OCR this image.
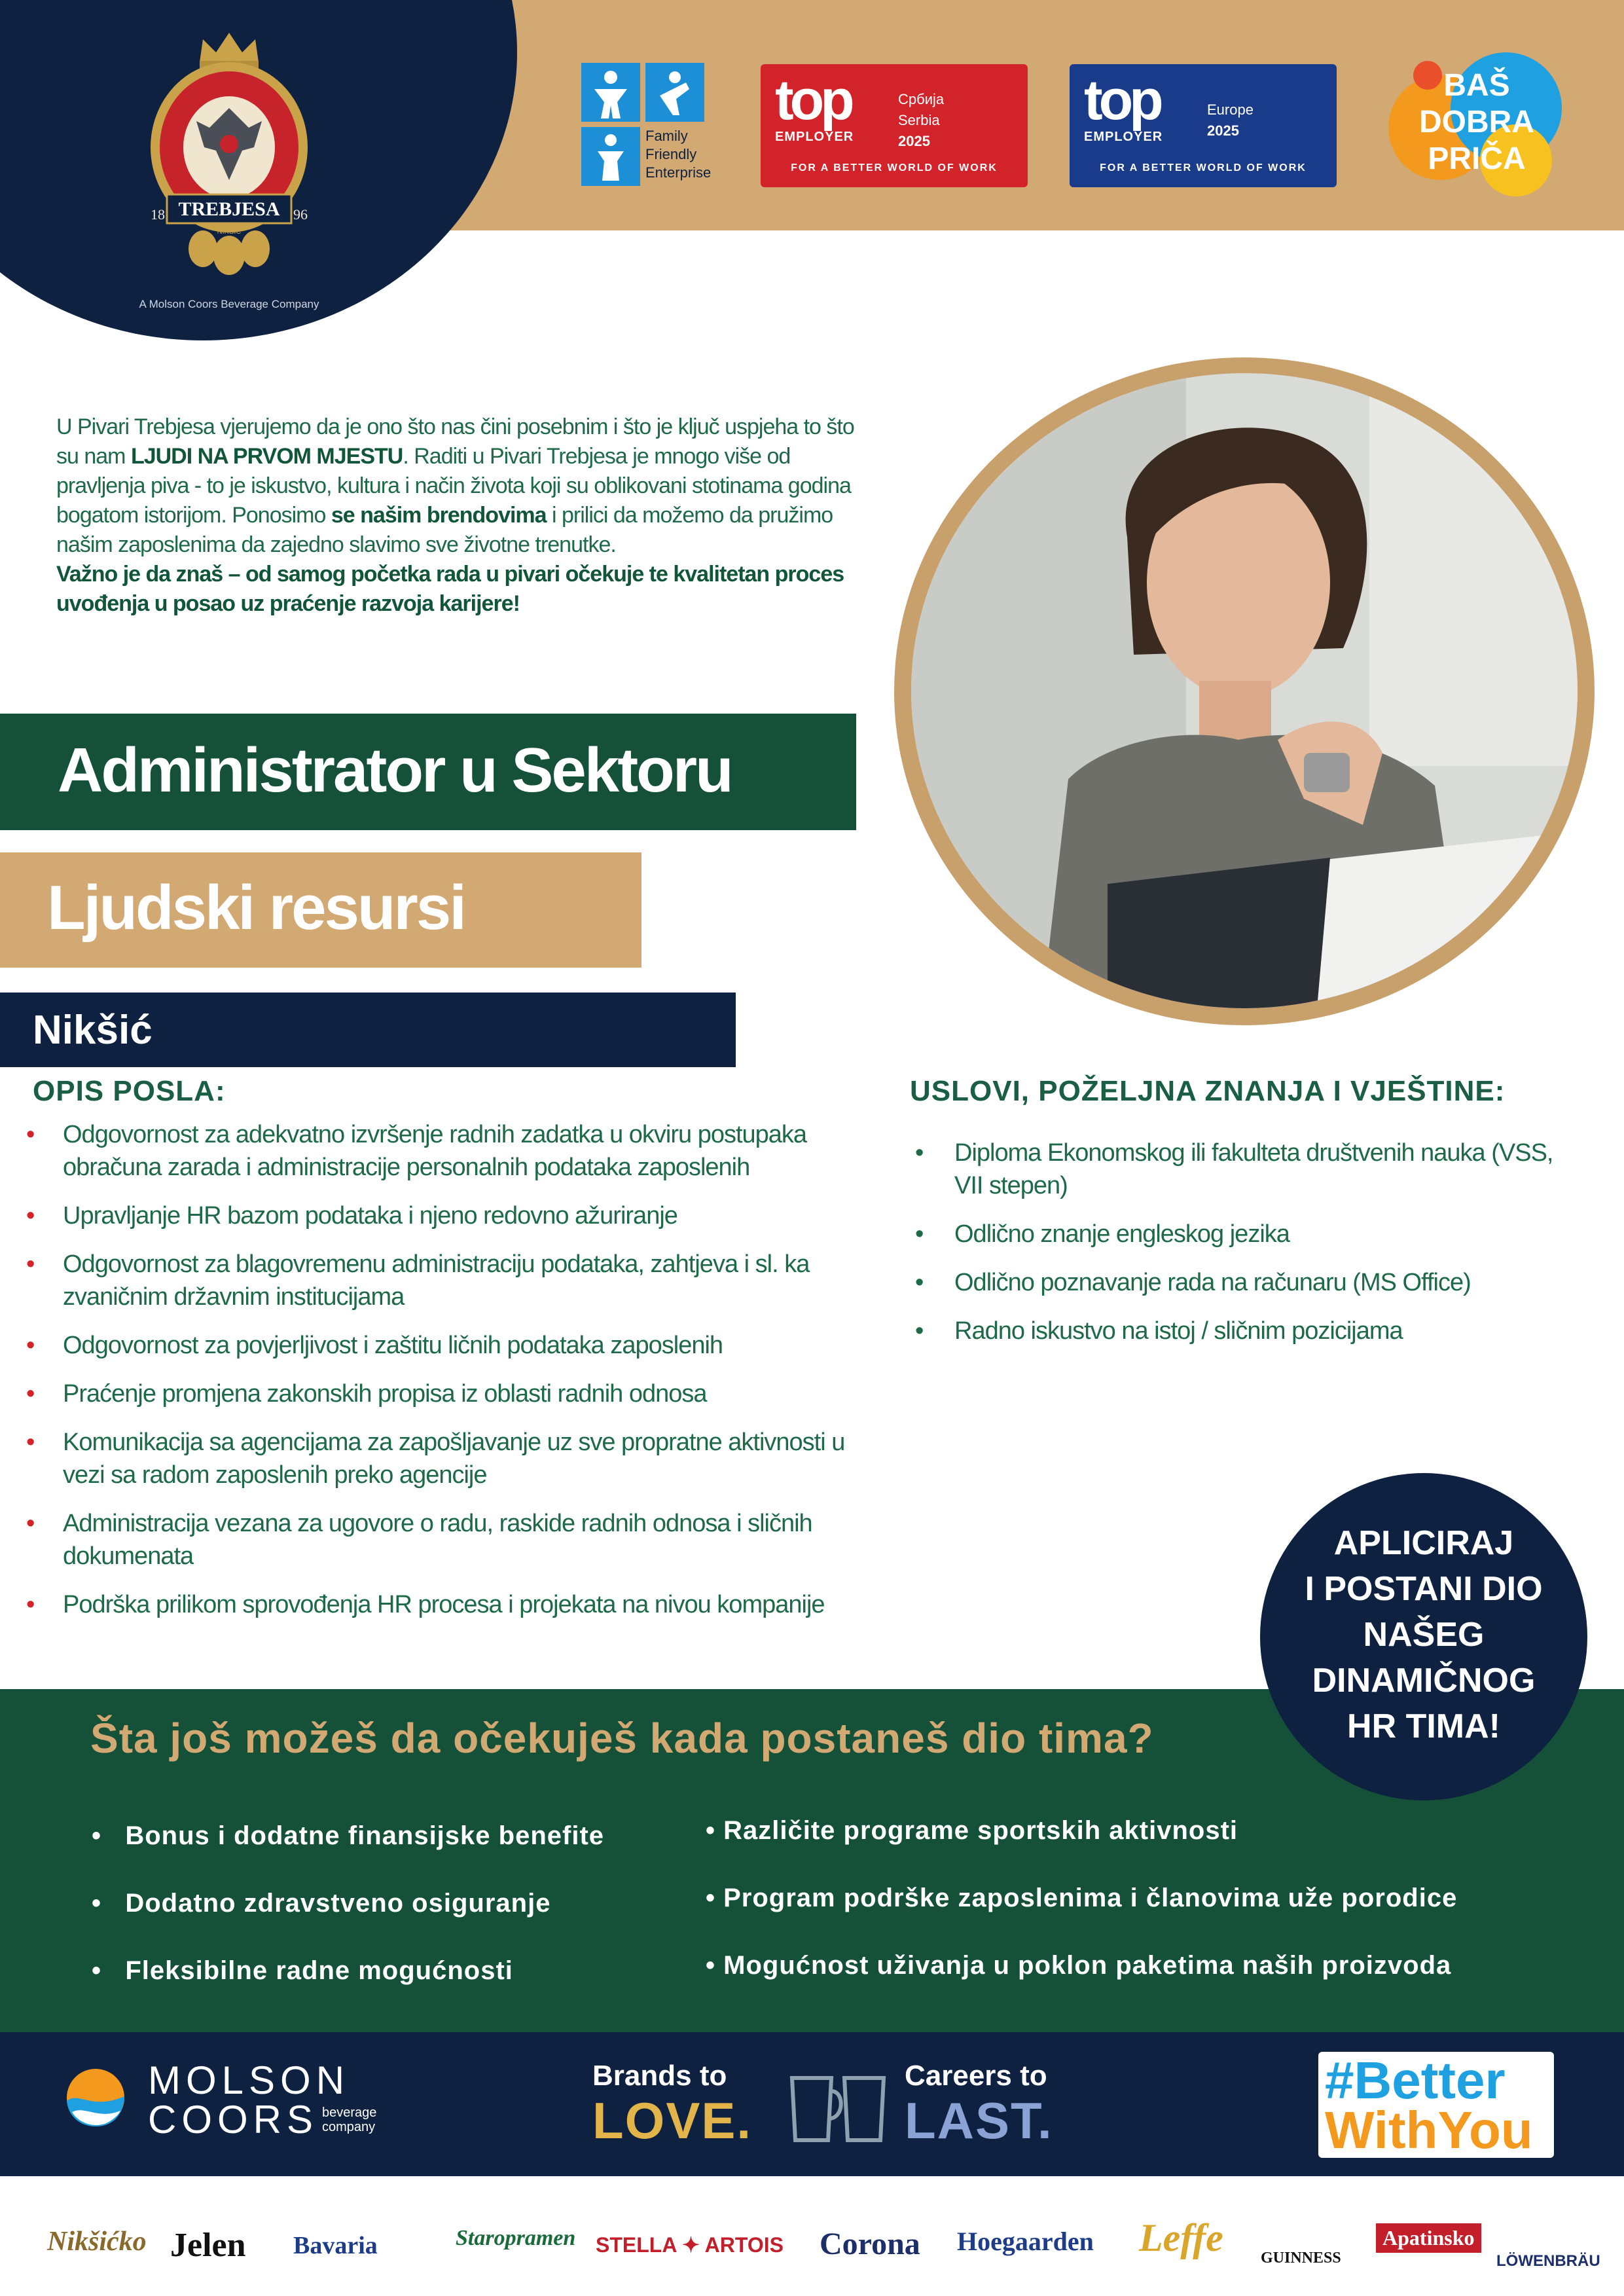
TREBJESA
18	96
NIKŠIĆ
A Molson Coors Beverage Company
Family
Friendly
Enterprise
top
EMPLOYER
Србија
Serbia
2025
FOR A BETTER WORLD OF WORK
top
EMPLOYER
Europe
2025
FOR A BETTER WORLD OF WORK
BAŠ
DOBRA
PRIČA

U Pivari Trebjesa vjerujemo da je ono što nas čini posebnim i što je ključ uspjeha to što su nam LJUDI NA PRVOM MJESTU. Raditi u Pivari Trebjesa je mnogo više od pravljenja piva - to je iskustvo, kultura i način života koji su oblikovani stotinama godina bogatom istorijom. Ponosimo se našim brendovima i prilici da možemo da pružimo našim zaposlenima da zajedno slavimo sve životne trenutke.

Važno je da znaš – od samog početka rada u pivari očekuje te kvalitetan proces uvođenja u posao uz praćenje razvoja karijere!

Administrator u Sektoru
Ljudski resursi
Nikšić
OPIS POSLA:
• Odgovornost za adekvatno izvršenje radnih zadatka u okviru postupaka obračuna zarada i administracije personalnih podataka zaposlenih
• Upravljanje HR bazom podataka i njeno redovno ažuriranje
• Odgovornost za blagovremenu administraciju podataka, zahtjeva i sl. ka zvaničnim državnim institucijama
• Odgovornost za povjerljivost i zaštitu ličnih podataka zaposlenih
• Praćenje promjena zakonskih propisa iz oblasti radnih odnosa
• Komunikacija sa agencijama za zapošljavanje uz sve propratne aktivnosti u vezi sa radom zaposlenih preko agencije
• Administracija vezana za ugovore o radu, raskide radnih odnosa i sličnih dokumenata
• Podrška prilikom sprovođenja HR procesa i projekata na nivou kompanije
USLOVI, POŽELJNA ZNANJA I VJEŠTINE:
• Diploma Ekonomskog ili fakulteta društvenih nauka (VSS, VII stepen)
• Odlično znanje engleskog jezika
• Odlično poznavanje rada na računaru (MS Office)
• Radno iskustvo na istoj / sličnim pozicijama
Šta još možeš da očekuješ kada postaneš dio tima?
•   Bonus i dodatne finansijske benefite
•   Dodatno zdravstveno osiguranje
•   Fleksibilne radne mogućnosti
• Različite programe sportskih aktivnosti
• Program podrške zaposlenima i članovima uže porodice
• Mogućnost uživanja u poklon paketima naših proizvoda
APLICIRAJ
I POSTANI DIO
NAŠEG
DINAMIČNOG
HR TIMA!
MOLSON
COORS beverage
company
Brands to
LOVE.
Careers to
LAST.
#Better
WithYou
Nikšićko Jelen Bavaria	Staropramen STELLA ✦ ARTOIS Corona Hoegaarden Leffe GUINNESS
Apatinsko
LÖWENBRÄU
